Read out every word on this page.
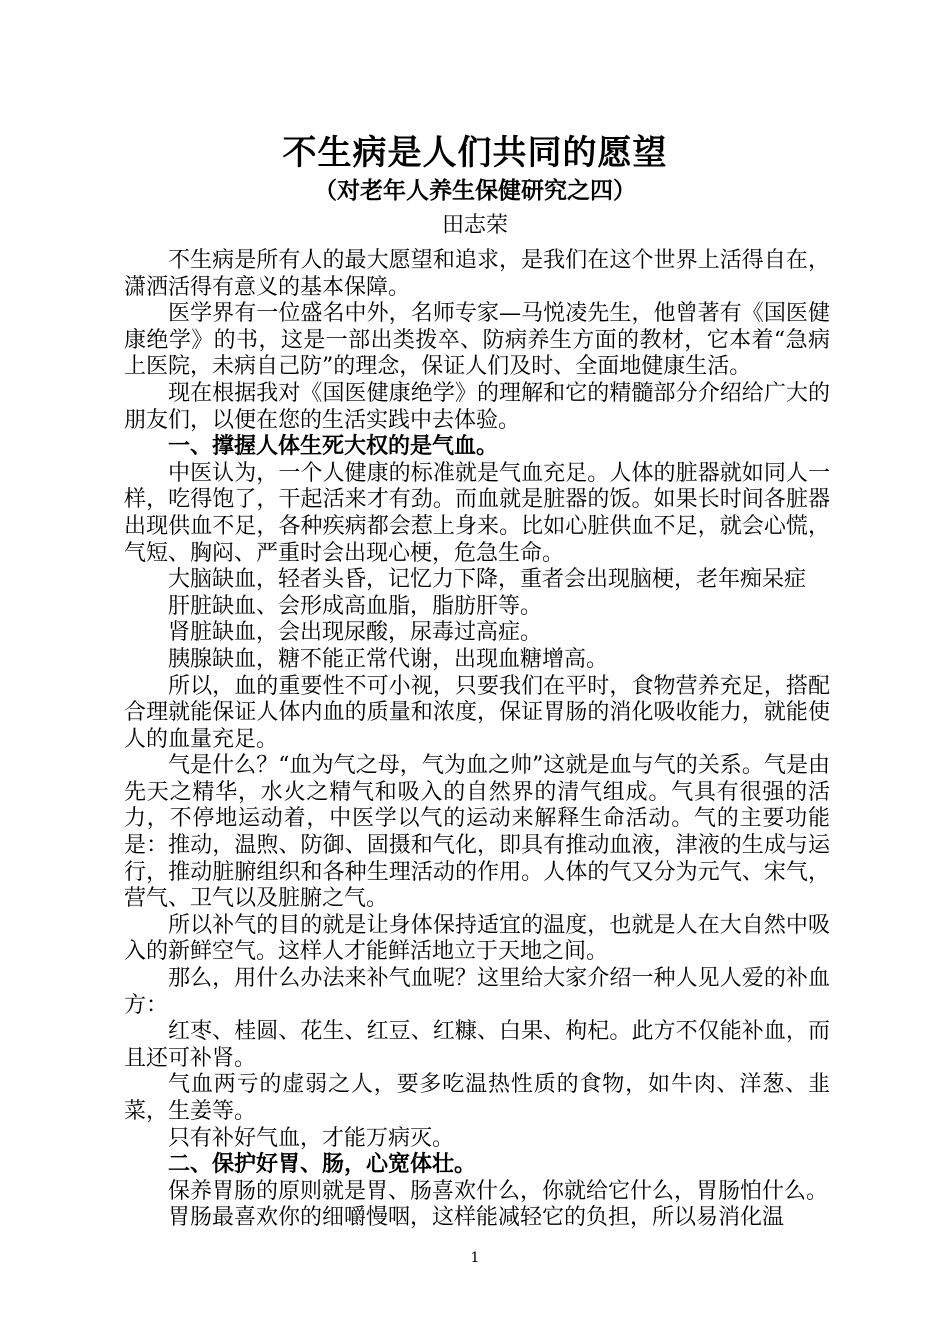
不生病是人们共同的愿望
（对老年人养生保健研究之四）
田志荣

不生病是所有人的最大愿望和追求，是我们在这个世界上活得自在，潇洒活得有意义的基本保障。

医学界有一位盛名中外，名师专家—马悦凌先生，他曾著有《国医健康绝学》的书，这是一部出类拨卒、防病养生方面的教材，它本着“急病上医院，未病自己防”的理念，保证人们及时、全面地健康生活。

现在根据我对《国医健康绝学》的理解和它的精髓部分介绍给广大的朋友们，以便在您的生活实践中去体验。

一、撑握人体生死大权的是气血。

中医认为，一个人健康的标准就是气血充足。人体的脏器就如同人一样，吃得饱了，干起活来才有劲。而血就是脏器的饭。如果长时间各脏器出现供血不足，各种疾病都会惹上身来。比如心脏供血不足，就会心慌，气短、胸闷、严重时会出现心梗，危急生命。

大脑缺血，轻者头昏，记忆力下降，重者会出现脑梗，老年痴呆症

肝脏缺血、会形成高血脂，脂肪肝等。

肾脏缺血，会出现尿酸，尿毒过高症。

胰腺缺血，糖不能正常代谢，出现血糖增高。

所以，血的重要性不可小视，只要我们在平时，食物营养充足，搭配合理就能保证人体内血的质量和浓度，保证胃肠的消化吸收能力，就能使人的血量充足。

气是什么？“血为气之母，气为血之帅”这就是血与气的关系。气是由先天之精华，水火之精气和吸入的自然界的清气组成。气具有很强的活力，不停地运动着，中医学以气的运动来解释生命活动。气的主要功能是：推动，温煦、防御、固摄和气化，即具有推动血液，津液的生成与运行，推动脏腑组织和各种生理活动的作用。人体的气又分为元气、宋气，营气、卫气以及脏腑之气。

所以补气的目的就是让身体保持适宜的温度，也就是人在大自然中吸入的新鲜空气。这样人才能鲜活地立于天地之间。

那么，用什么办法来补气血呢？这里给大家介绍一种人见人爱的补血方：

红枣、桂圆、花生、红豆、红糠、白果、枸杞。此方不仅能补血，而且还可补肾。

气血两亏的虚弱之人，要多吃温热性质的食物，如牛肉、洋葱、韭菜，生姜等。

只有补好气血，才能万病灭。

二、保护好胃、肠，心宽体壮。

保养胃肠的原则就是胃、肠喜欢什么，你就给它什么，胃肠怕什么。

胃肠最喜欢你的细嚼慢咽，这样能减轻它的负担，所以易消化温

1
